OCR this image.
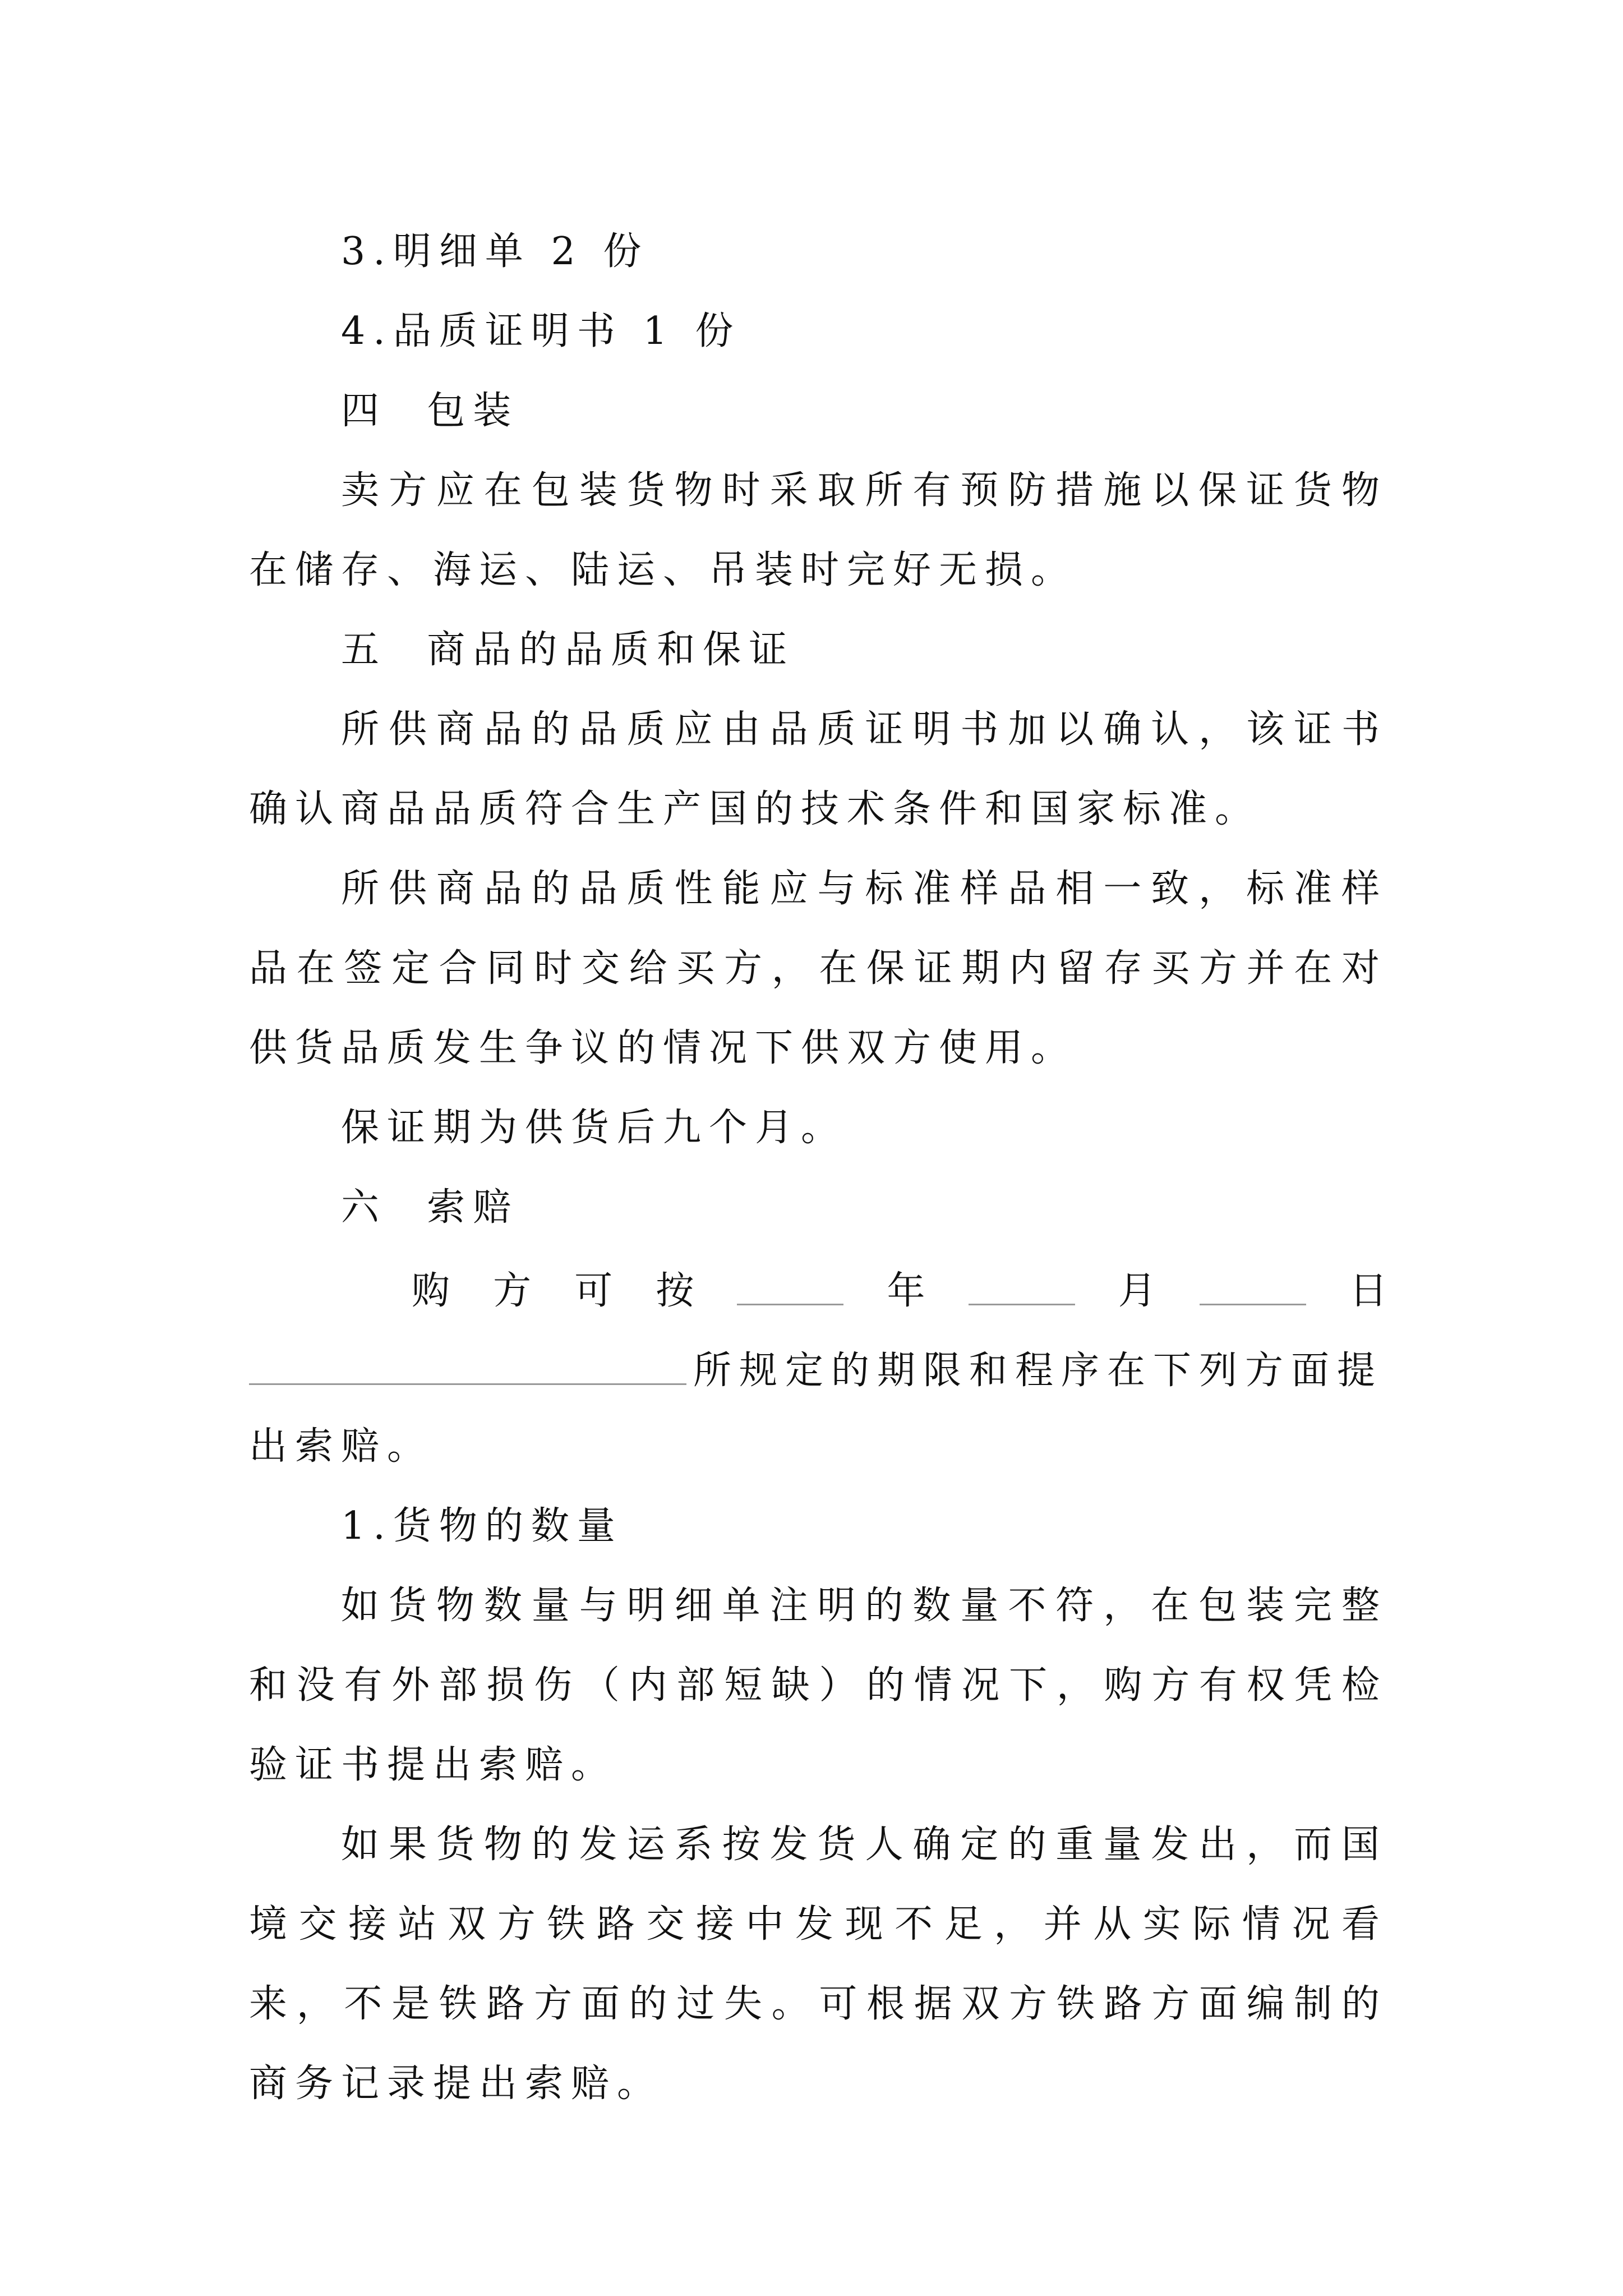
3.明细单 2 份
4.品质证明书 1 份
四  包装

卖方应在包装货物时采取所有预防措施以保证货物在储存、海运、陆运、吊装时完好无损。

五  商品的品质和保证

所供商品的品质应由品质证明书加以确认，该证书确认商品品质符合生产国的技术条件和国家标准。

所供商品的品质性能应与标准样品相一致，标准样品在签定合同时交给买方，在保证期内留存买方并在对供货品质发生争议的情况下供双方使用。

保证期为供货后九个月。
六  索赔
购 方 可 按	年	月	日
所规定的期限和程序在下列方面提
出索赔。
1.货物的数量

如货物数量与明细单注明的数量不符，在包装完整和没有外部损伤（内部短缺）的情况下，购方有权凭检验证书提出索赔。

如果货物的发运系按发货人确定的重量发出，而国境交接站双方铁路交接中发现不足，并从实际情况看来，不是铁路方面的过失。可根据双方铁路方面编制的商务记录提出索赔。
